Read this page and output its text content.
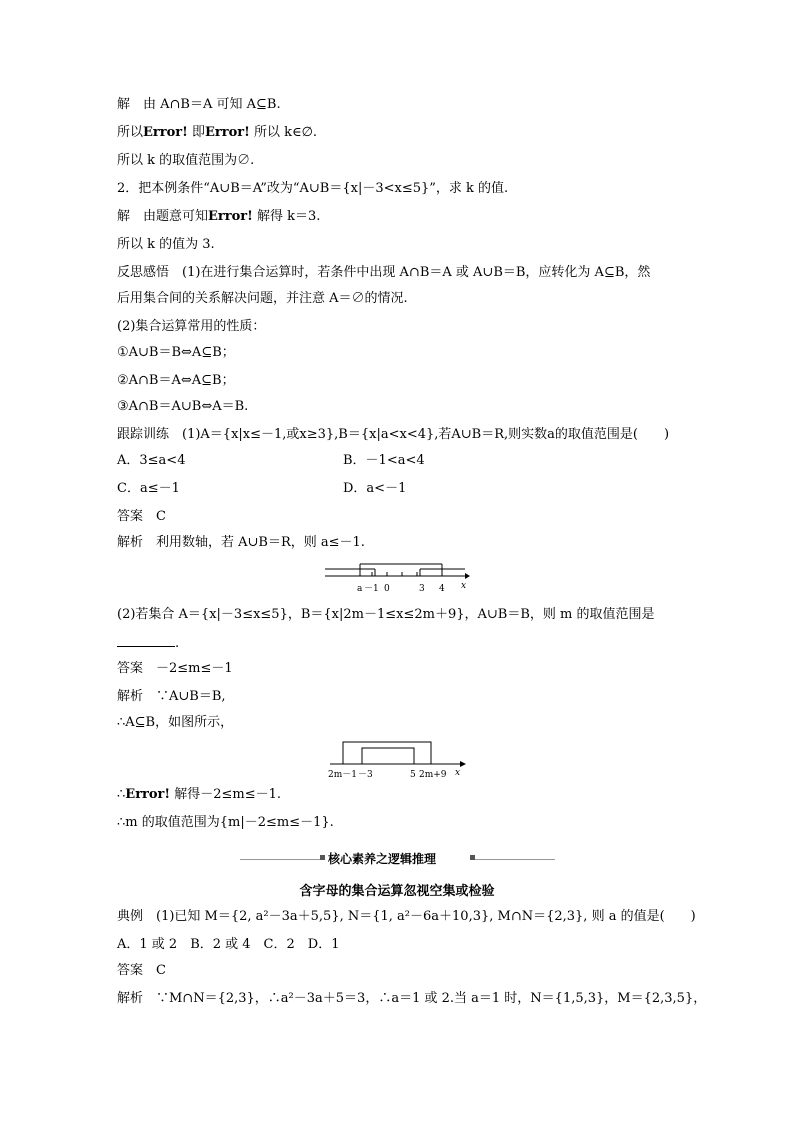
解　由 A∩B＝A 可知 A⊆B.
所以Error! 即Error! 所以 k∈∅.
所以 k 的取值范围为∅.
2．把本例条件“A∪B＝A”改为“A∪B＝{x|－3<x≤5}”，求 k 的值.
解　由题意可知Error! 解得 k＝3.
所以 k 的值为 3.
反思感悟　(1)在进行集合运算时，若条件中出现 A∩B＝A 或 A∪B＝B，应转化为 A⊆B，然
后用集合间的关系解决问题，并注意 A＝∅的情况.
(2)集合运算常用的性质：
①A∪B＝B⇔A⊆B；
②A∩B＝A⇔A⊆B；
③A∩B＝A∪B⇔A＝B.
跟踪训练　(1)A＝{x|x≤－1,或x≥3},B＝{x|a<x<4},若A∪B＝R,则实数a的取值范围是(　　)
A．3≤a<4	B．－1<a<4
C．a≤－1	D．a<－1
答案　C
解析　利用数轴，若 A∪B＝R，则 a≤－1.
a －1 0	3 4 x
(2)若集合 A＝{x|－3≤x≤5}，B＝{x|2m－1≤x≤2m＋9}，A∪B＝B，则 m 的取值范围是
.
答案　－2≤m≤－1
解析　∵A∪B＝B,
∴A⊆B，如图所示，
2m－1 －3	5 2m+9 x
∴Error! 解得－2≤m≤－1.
∴m 的取值范围为{m|－2≤m≤－1}.
核心素养之逻辑推理
含字母的集合运算忽视空集或检验
典例　(1)已知 M＝{2, a²－3a＋5,5}, N＝{1, a²－6a＋10,3}, M∩N＝{2,3}, 则 a 的值是(　　)
A．1 或 2　B．2 或 4　C．2　D．1
答案　C
解析　∵M∩N＝{2,3}，∴a²－3a＋5＝3，∴a＝1 或 2.当 a＝1 时，N＝{1,5,3}，M＝{2,3,5}，
